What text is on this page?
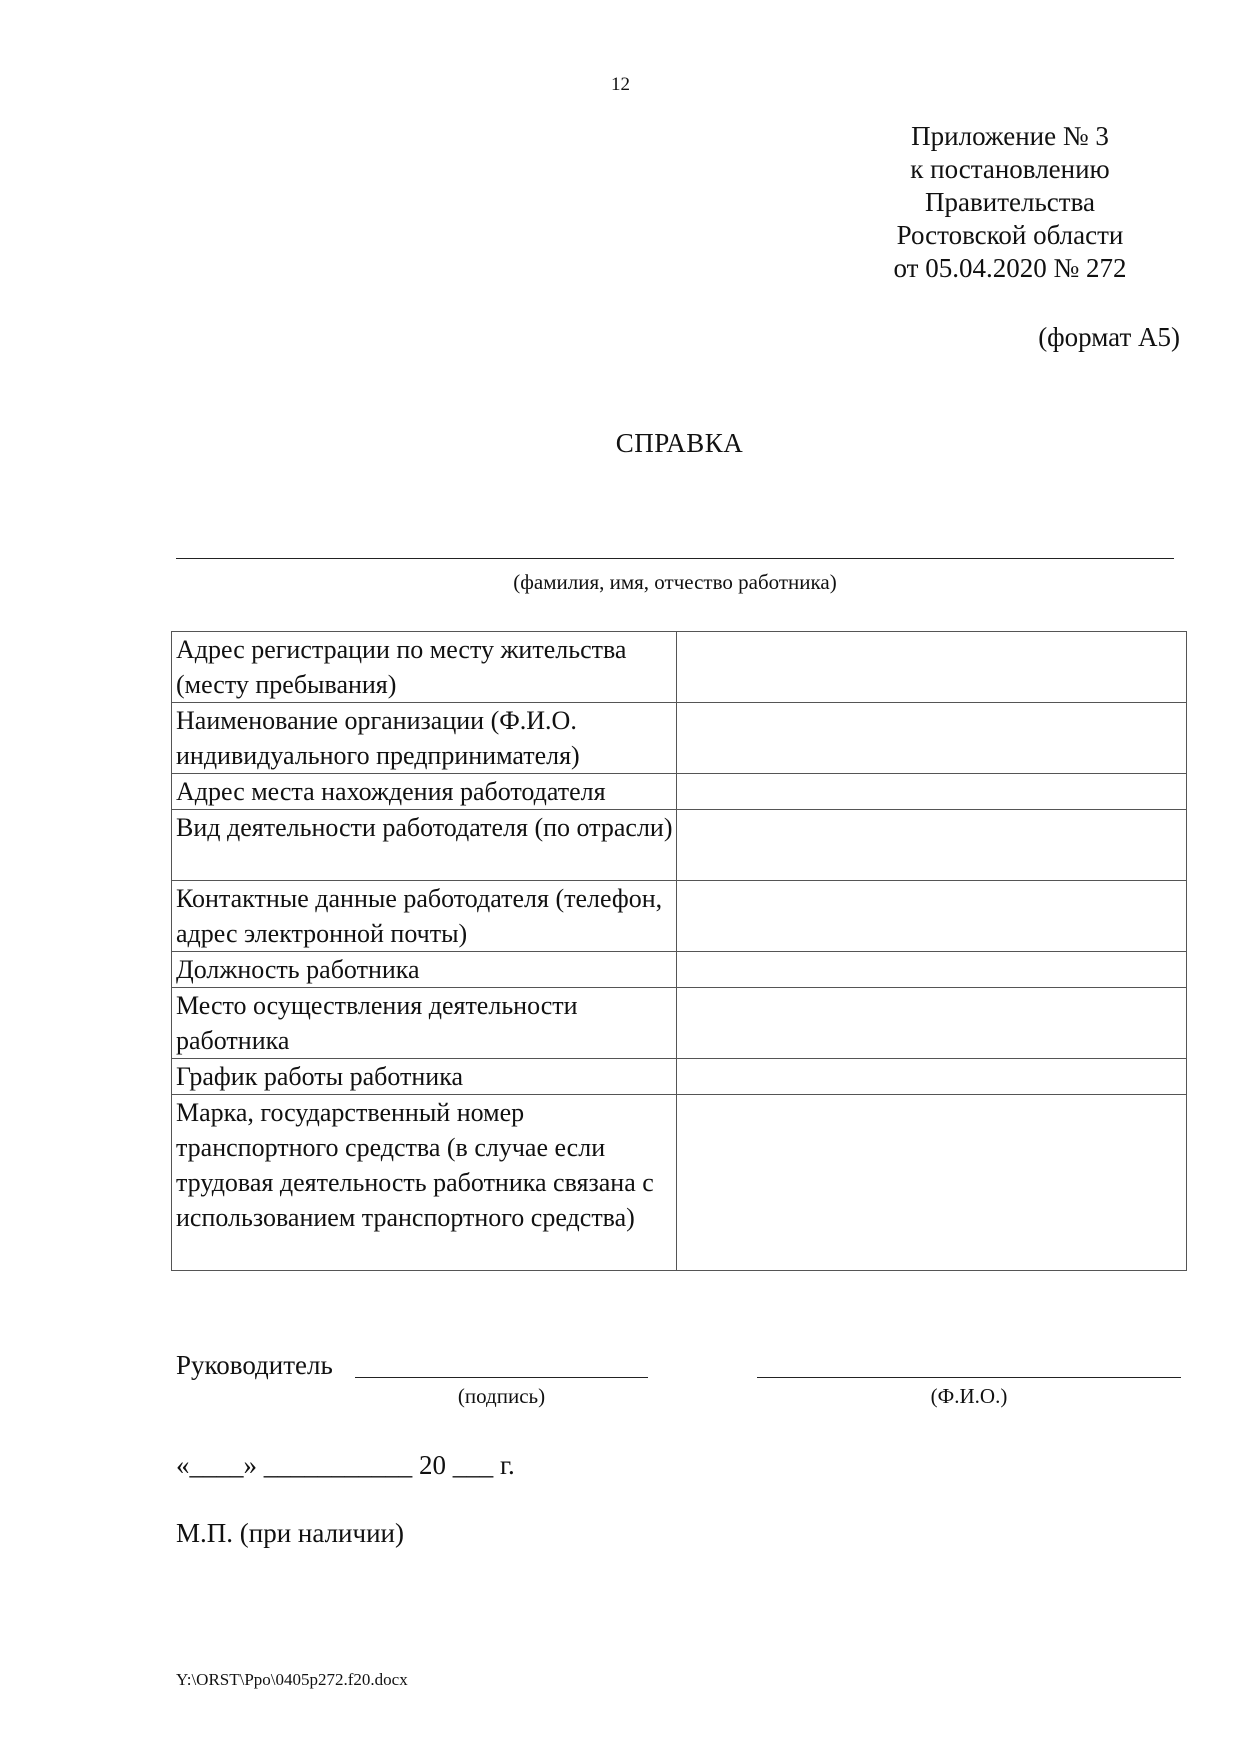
12
Приложение № 3
к постановлению
Правительства
Ростовской области
от 05.04.2020 № 272
(формат А5)
СПРАВКА
(фамилия, имя, отчество работника)
Адрес регистрации по месту жительства (месту пребывания)	
Наименование организации (Ф.И.О. индивидуального предпринимателя)	
Адрес места нахождения работодателя	
Вид деятельности работодателя (по отрасли)	
Контактные данные работодателя (телефон, адрес электронной почты)	
Должность работника	
Место осуществления деятельности работника	
График работы работника	
Марка, государственный номер транспортного средства (в случае если трудовая деятельность работника связана с использованием транспортного средства)	
Руководитель
(подпись)	(Ф.И.О.)
«____» ___________ 20 ___ г.
М.П. (при наличии)
Y:\ORST\Ppo\0405p272.f20.docx
